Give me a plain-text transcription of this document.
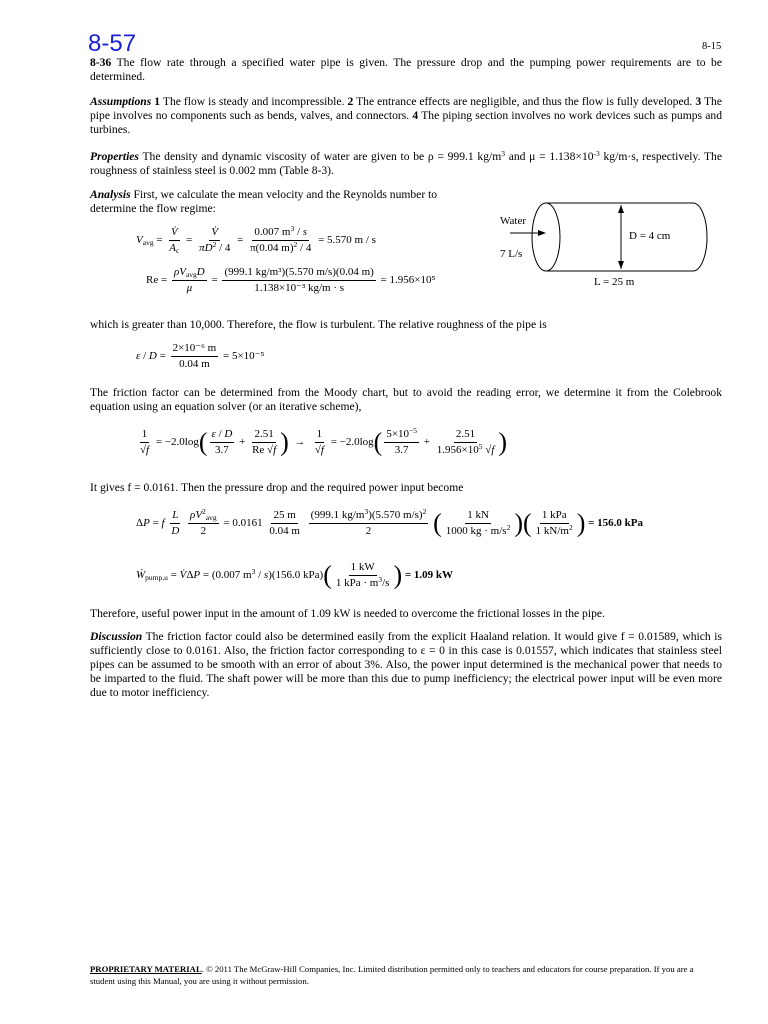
8-57	8-15

8-36 The flow rate through a specified water pipe is given. The pressure drop and the pumping power requirements are to be determined.

Assumptions 1 The flow is steady and incompressible. 2 The entrance effects are negligible, and thus the flow is fully developed. 3 The pipe involves no components such as bends, valves, and connectors. 4 The piping section involves no work devices such as pumps and turbines.

Properties The density and dynamic viscosity of water are given to be ρ = 999.1 $kg/m^3$ and $\mu = 1.138\times 10^{-3}$ kg/m·s, respectively. The roughness of stainless steel is 0.002 mm (Table 8-3).

Analysis First, we calculate the mean velocity and the Reynolds number to determine the flow regime:
Water
7 L/s
D = 4 cm
L = 25 m
$V_{avg} = \frac{V̇}{A_c} = \frac{V̇}{\pi D^2 / 4} = \frac{0.007 m^3 / s}{\pi(0.04 m)^2 / 4} = 5.570$ m / s
$Re = \frac{\rho V_{avg}D}{\mu} = \frac{\text{(999.1 kg/m³)(5.570 m/s)(0.04 m)}}{\text{1.138×10⁻³ kg/m · s}} = 1.956\times 10^5$
which is greater than 10,000. Therefore, the flow is turbulent. The relative roughness of the pipe is
$\varepsilon / D = \frac{\text{2×10⁻⁶ m}}{0.04 m} = 5\times 10^{-5}$
The friction factor can be determined from the Moody chart, but to avoid the reading error, we determine it from the Colebrook equation using an equation solver (or an iterative scheme),
$\frac{1}{√f} = -2.0\log( \frac{\varepsilon / D}{3.7} + \frac{2.51}{Re √f}$ )  → $\frac{1}{√f} = -2.0\log( \frac{5\times 10^{-5}}{3.7} + \frac{2.51}{1.956\times 10^5 √f}$ )
It gives f = 0.0161. Then the pressure drop and the required power input become
ΔP = f $\frac{L}{D}$
$\frac{\rho V^2_{avg}}{2} = 0.0161 \frac{25 m}{0.04 m}$
$\frac{(999.1 kg/m^3)(5.570 m/s)^2}{2}$ ( $\frac{1 kN}{1000 kg \cdot m/s^2}$ )( $\frac{\text{1 kPa}}{1 kN/m^2}$ ) = 156.0 kPa
Ẇ$_{pump,u}$ = V̇ΔP = (0.007 $m^3 / s)(156.0$ $kPa)( \frac{1 kW}{1 kPa \cdot m^3/s}$ ) = 1.09 kW
Therefore, useful power input in the amount of 1.09 kW is needed to overcome the frictional losses in the pipe.

Discussion The friction factor could also be determined easily from the explicit Haaland relation. It would give f = 0.01589, which is sufficiently close to 0.0161. Also, the friction factor corresponding to ε = 0 in this case is 0.01557, which indicates that stainless steel pipes can be assumed to be smooth with an error of about 3%. Also, the power input determined is the mechanical power that needs to be imparted to the fluid. The shaft power will be more than this due to pump inefficiency; the electrical power input will be even more due to motor inefficiency.

PROPRIETARY MATERIAL. © 2011 The McGraw-Hill Companies, Inc. Limited distribution permitted only to teachers and educators for course preparation. If you are a student using this Manual, you are using it without permission.
